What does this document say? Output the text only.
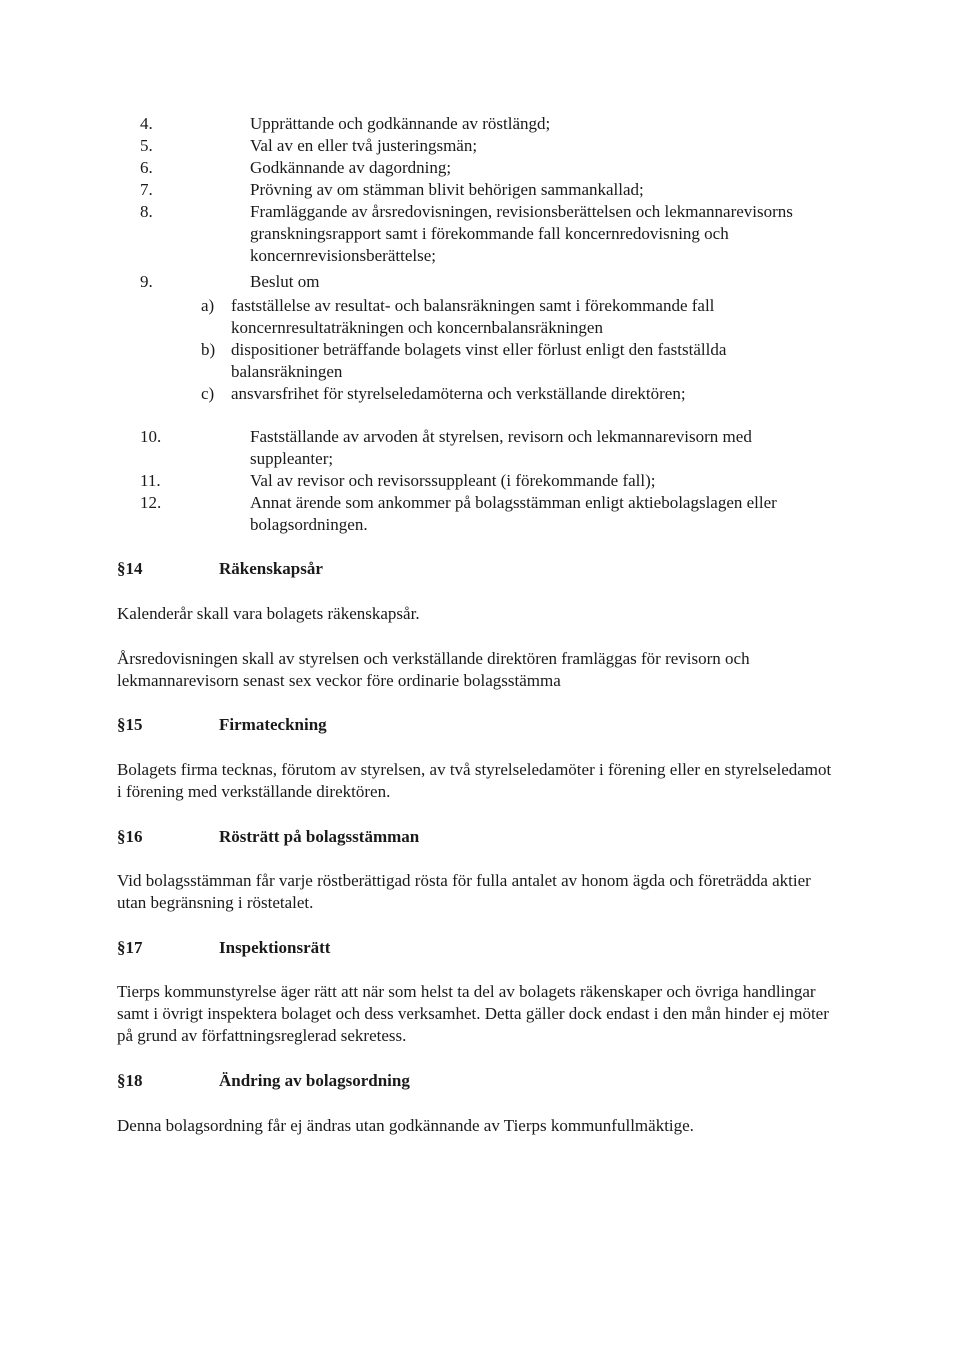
4.	Upprättande och godkännande av röstlängd;
5.	Val av en eller två justeringsmän;
6.	Godkännande av dagordning;
7.	Prövning av om stämman blivit behörigen sammankallad;
8.	Framläggande av årsredovisningen, revisionsberättelsen och lekmannarevisorns granskningsrapport samt i förekommande fall koncernredovisning och koncernrevisionsberättelse;
9.	Beslut om
a) fastställelse av resultat- och balansräkningen samt i förekommande fall koncernresultaträkningen och koncernbalansräkningen
b) dispositioner beträffande bolagets vinst eller förlust enligt den fastställda balansräkningen
c) ansvarsfrihet för styrelseledamöterna och verkställande direktören;
10.	Fastställande av arvoden åt styrelsen, revisorn och lekmannarevisorn med suppleanter;
11.	Val av revisor och revisorssuppleant (i förekommande fall);
12.	Annat ärende som ankommer på bolagsstämman enligt aktiebolagslagen eller bolagsordningen.
§14	Räkenskapsår
Kalenderår skall vara bolagets räkenskapsår.
Årsredovisningen skall av styrelsen och verkställande direktören framläggas för revisorn och lekmannarevisorn senast sex veckor före ordinarie bolagsstämma
§15	Firmateckning
Bolagets firma tecknas, förutom av styrelsen, av två styrelseledamöter i förening eller en styrelseledamot i förening med verkställande direktören.
§16	Rösträtt på bolagsstämman
Vid bolagsstämman får varje röstberättigad rösta för fulla antalet av honom ägda och företrädda aktier utan begränsning i röstetalet.
§17	Inspektionsrätt
Tierps kommunstyrelse äger rätt att när som helst ta del av bolagets räkenskaper och övriga handlingar samt i övrigt inspektera bolaget och dess verksamhet. Detta gäller dock endast i den mån hinder ej möter på grund av författningsreglerad sekretess.
§18	Ändring av bolagsordning
Denna bolagsordning får ej ändras utan godkännande av Tierps kommunfullmäktige.
